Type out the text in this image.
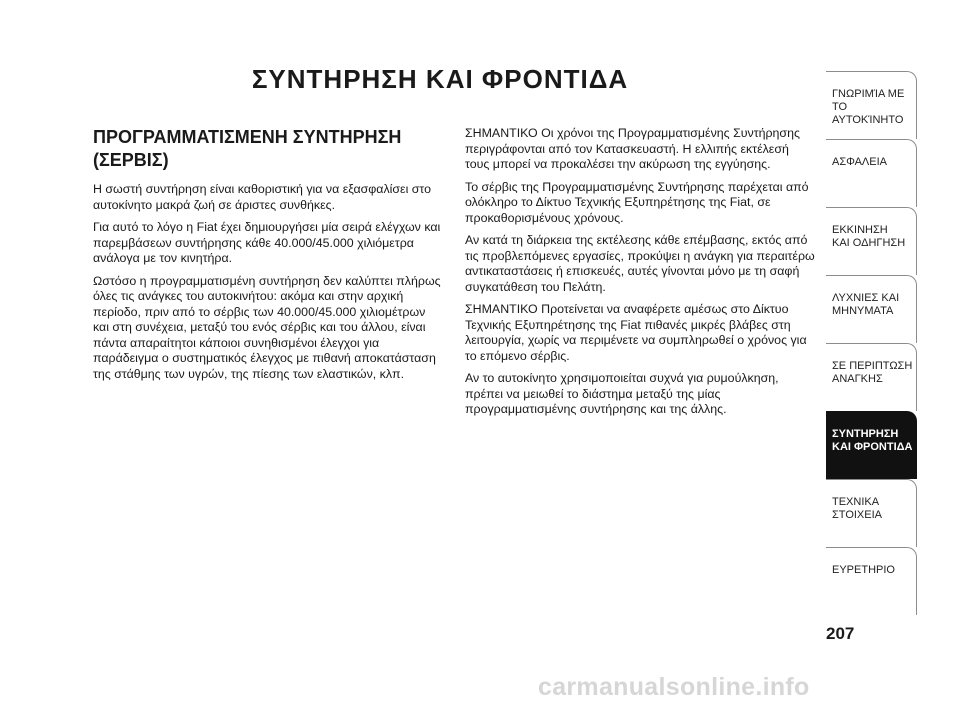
ΣΥΝΤΗΡΗΣΗ ΚΑΙ ΦΡΟΝΤΙΔΑ
ΠΡΟΓΡΑΜΜΑΤΙΣΜΕΝΗ ΣΥΝΤΗΡΗΣΗ (ΣΕΡΒΙΣ)

Η σωστή συντήρηση είναι καθοριστική για να εξασφαλίσει στο αυτοκίνητο μακρά ζωή σε άριστες συνθήκες.

Για αυτό το λόγο η Fiat έχει δημιουργήσει μία σειρά ελέγχων και παρεμβάσεων συντήρησης κάθε 40.000/45.000 χιλιόμετρα ανάλογα με τον κινητήρα.

Ωστόσο η προγραμματισμένη συντήρηση δεν καλύπτει πλήρως όλες τις ανάγκες του αυτοκινήτου: ακόμα και στην αρχική περίοδο, πριν από το σέρβις των 40.000/45.000 χιλιομέτρων και στη συνέχεια, μεταξύ του ενός σέρβις και του άλλου, είναι πάντα απαραίτητοι κάποιοι συνηθισμένοι έλεγχοι για παράδειγμα ο συστηματικός έλεγχος με πιθανή αποκατάσταση της στάθμης των υγρών, της πίεσης των ελαστικών, κλπ.

ΣΗΜΑΝΤΙΚΟ Οι χρόνοι της Προγραμματισμένης Συντήρησης περιγράφονται από τον Κατασκευαστή. Η ελλιπής εκτέλεσή τους μπορεί να προκαλέσει την ακύρωση της εγγύησης.

Το σέρβις της Προγραμματισμένης Συντήρησης παρέχεται από ολόκληρο το Δίκτυο Τεχνικής Εξυπηρέτησης της Fiat, σε προκαθορισμένους χρόνους.

Αν κατά τη διάρκεια της εκτέλεσης κάθε επέμβασης, εκτός από τις προβλεπόμενες εργασίες, προκύψει η ανάγκη για περαιτέρω αντικαταστάσεις ή επισκευές, αυτές γίνονται μόνο με τη σαφή συγκατάθεση του Πελάτη.

ΣΗΜΑΝΤΙΚΟ Προτείνεται να αναφέρετε αμέσως στο Δίκτυο Τεχνικής Εξυπηρέτησης της Fiat πιθανές μικρές βλάβες στη λειτουργία, χωρίς να περιμένετε να συμπληρωθεί ο χρόνος για το επόμενο σέρβις.

Αν το αυτοκίνητο χρησιμοποιείται συχνά για ρυμούλκηση, πρέπει να μειωθεί το διάστημα μεταξύ της μίας προγραμματισμένης συντήρησης και της άλλης.

ΓΝΩΡΙΜΊΑ ΜΕ
ΤΟ ΑΥΤΟΚΊΝΗΤΟ
ΑΣΦΑΛΕΙΑ
ΕΚΚΙΝΗΣΗ
ΚΑΙ ΟΔΗΓΗΣΗ
ΛΥΧΝΙΕΣ ΚΑΙ
ΜΗΝΥΜΑΤΑ
ΣΕ ΠΕΡΙΠΤΩΣΗ
ΑΝΑΓΚΗΣ
ΣΥΝΤΗΡΗΣΗ
ΚΑΙ ΦΡΟΝΤΙΔΑ
ΤΕΧΝΙΚΑ
ΣΤΟΙΧΕΙΑ
ΕΥΡΕΤΗΡΙΟ

207

carmanualsonline.info
